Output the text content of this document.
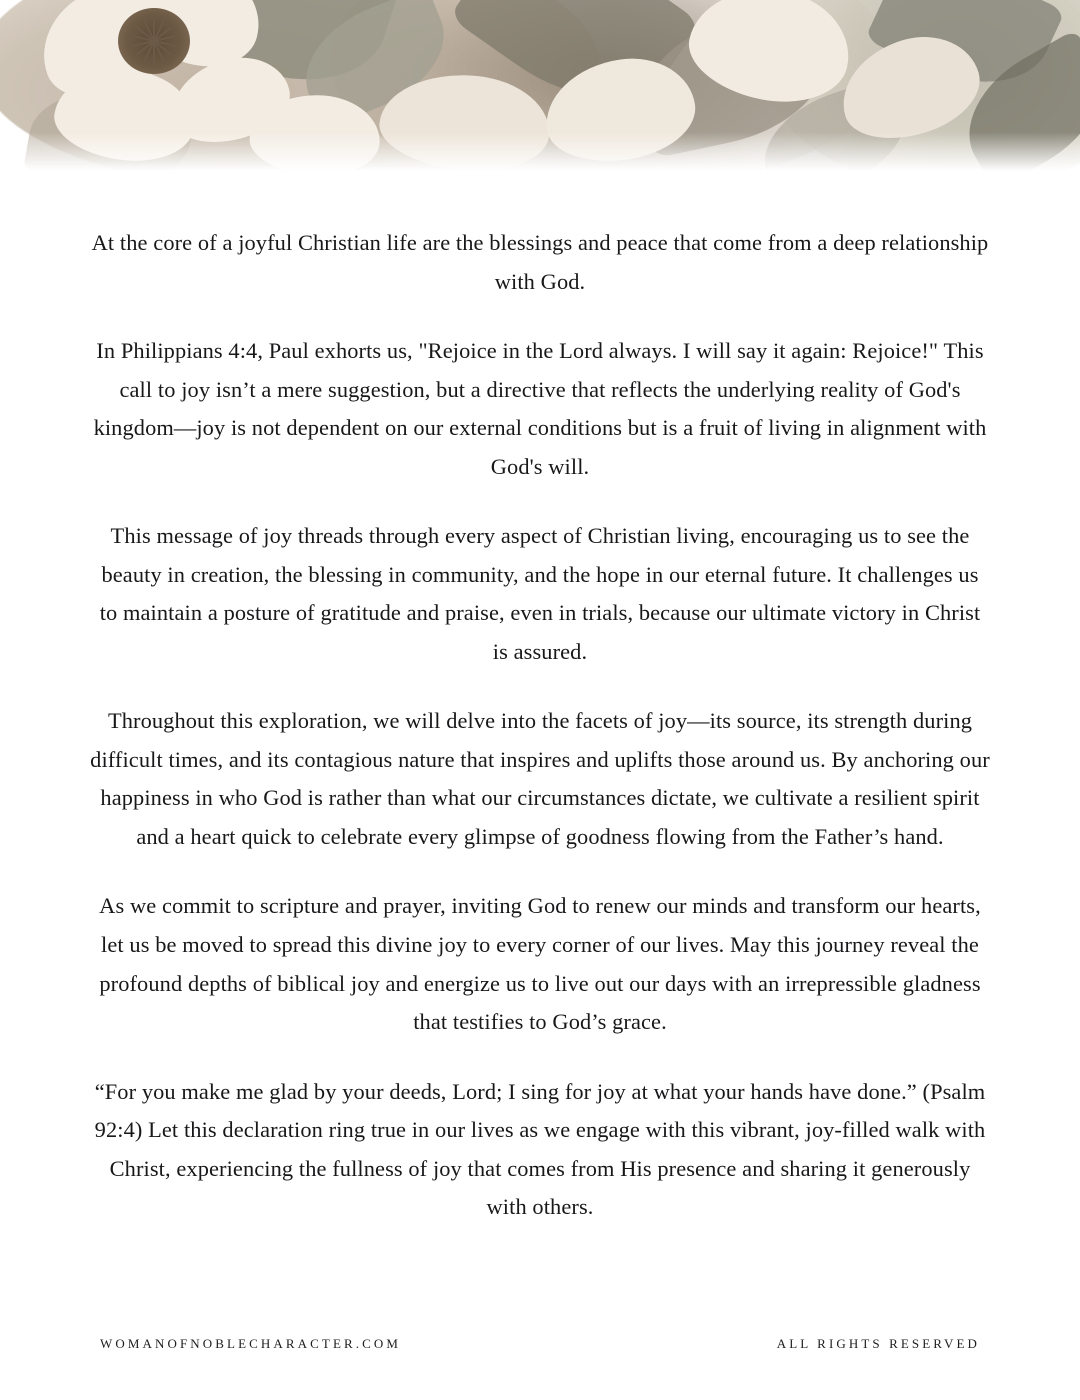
At the core of a joyful Christian life are the blessings and peace that come from a deep relationship with God.

In Philippians 4:4, Paul exhorts us, "Rejoice in the Lord always. I will say it again: Rejoice!" This call to joy isn’t a mere suggestion, but a directive that reflects the underlying reality of God's kingdom—joy is not dependent on our external conditions but is a fruit of living in alignment with God's will.

This message of joy threads through every aspect of Christian living, encouraging us to see the beauty in creation, the blessing in community, and the hope in our eternal future. It challenges us to maintain a posture of gratitude and praise, even in trials, because our ultimate victory in Christ is assured.

Throughout this exploration, we will delve into the facets of joy—its source, its strength during difficult times, and its contagious nature that inspires and uplifts those around us. By anchoring our happiness in who God is rather than what our circumstances dictate, we cultivate a resilient spirit and a heart quick to celebrate every glimpse of goodness flowing from the Father’s hand.

As we commit to scripture and prayer, inviting God to renew our minds and transform our hearts, let us be moved to spread this divine joy to every corner of our lives. May this journey reveal the profound depths of biblical joy and energize us to live out our days with an irrepressible gladness that testifies to God’s grace.

“For you make me glad by your deeds, Lord; I sing for joy at what your hands have done.” (Psalm 92:4) Let this declaration ring true in our lives as we engage with this vibrant, joy-filled walk with Christ, experiencing the fullness of joy that comes from His presence and sharing it generously with others.

WOMANOFNOBLECHARACTER.COM	ALL RIGHTS RESERVED
